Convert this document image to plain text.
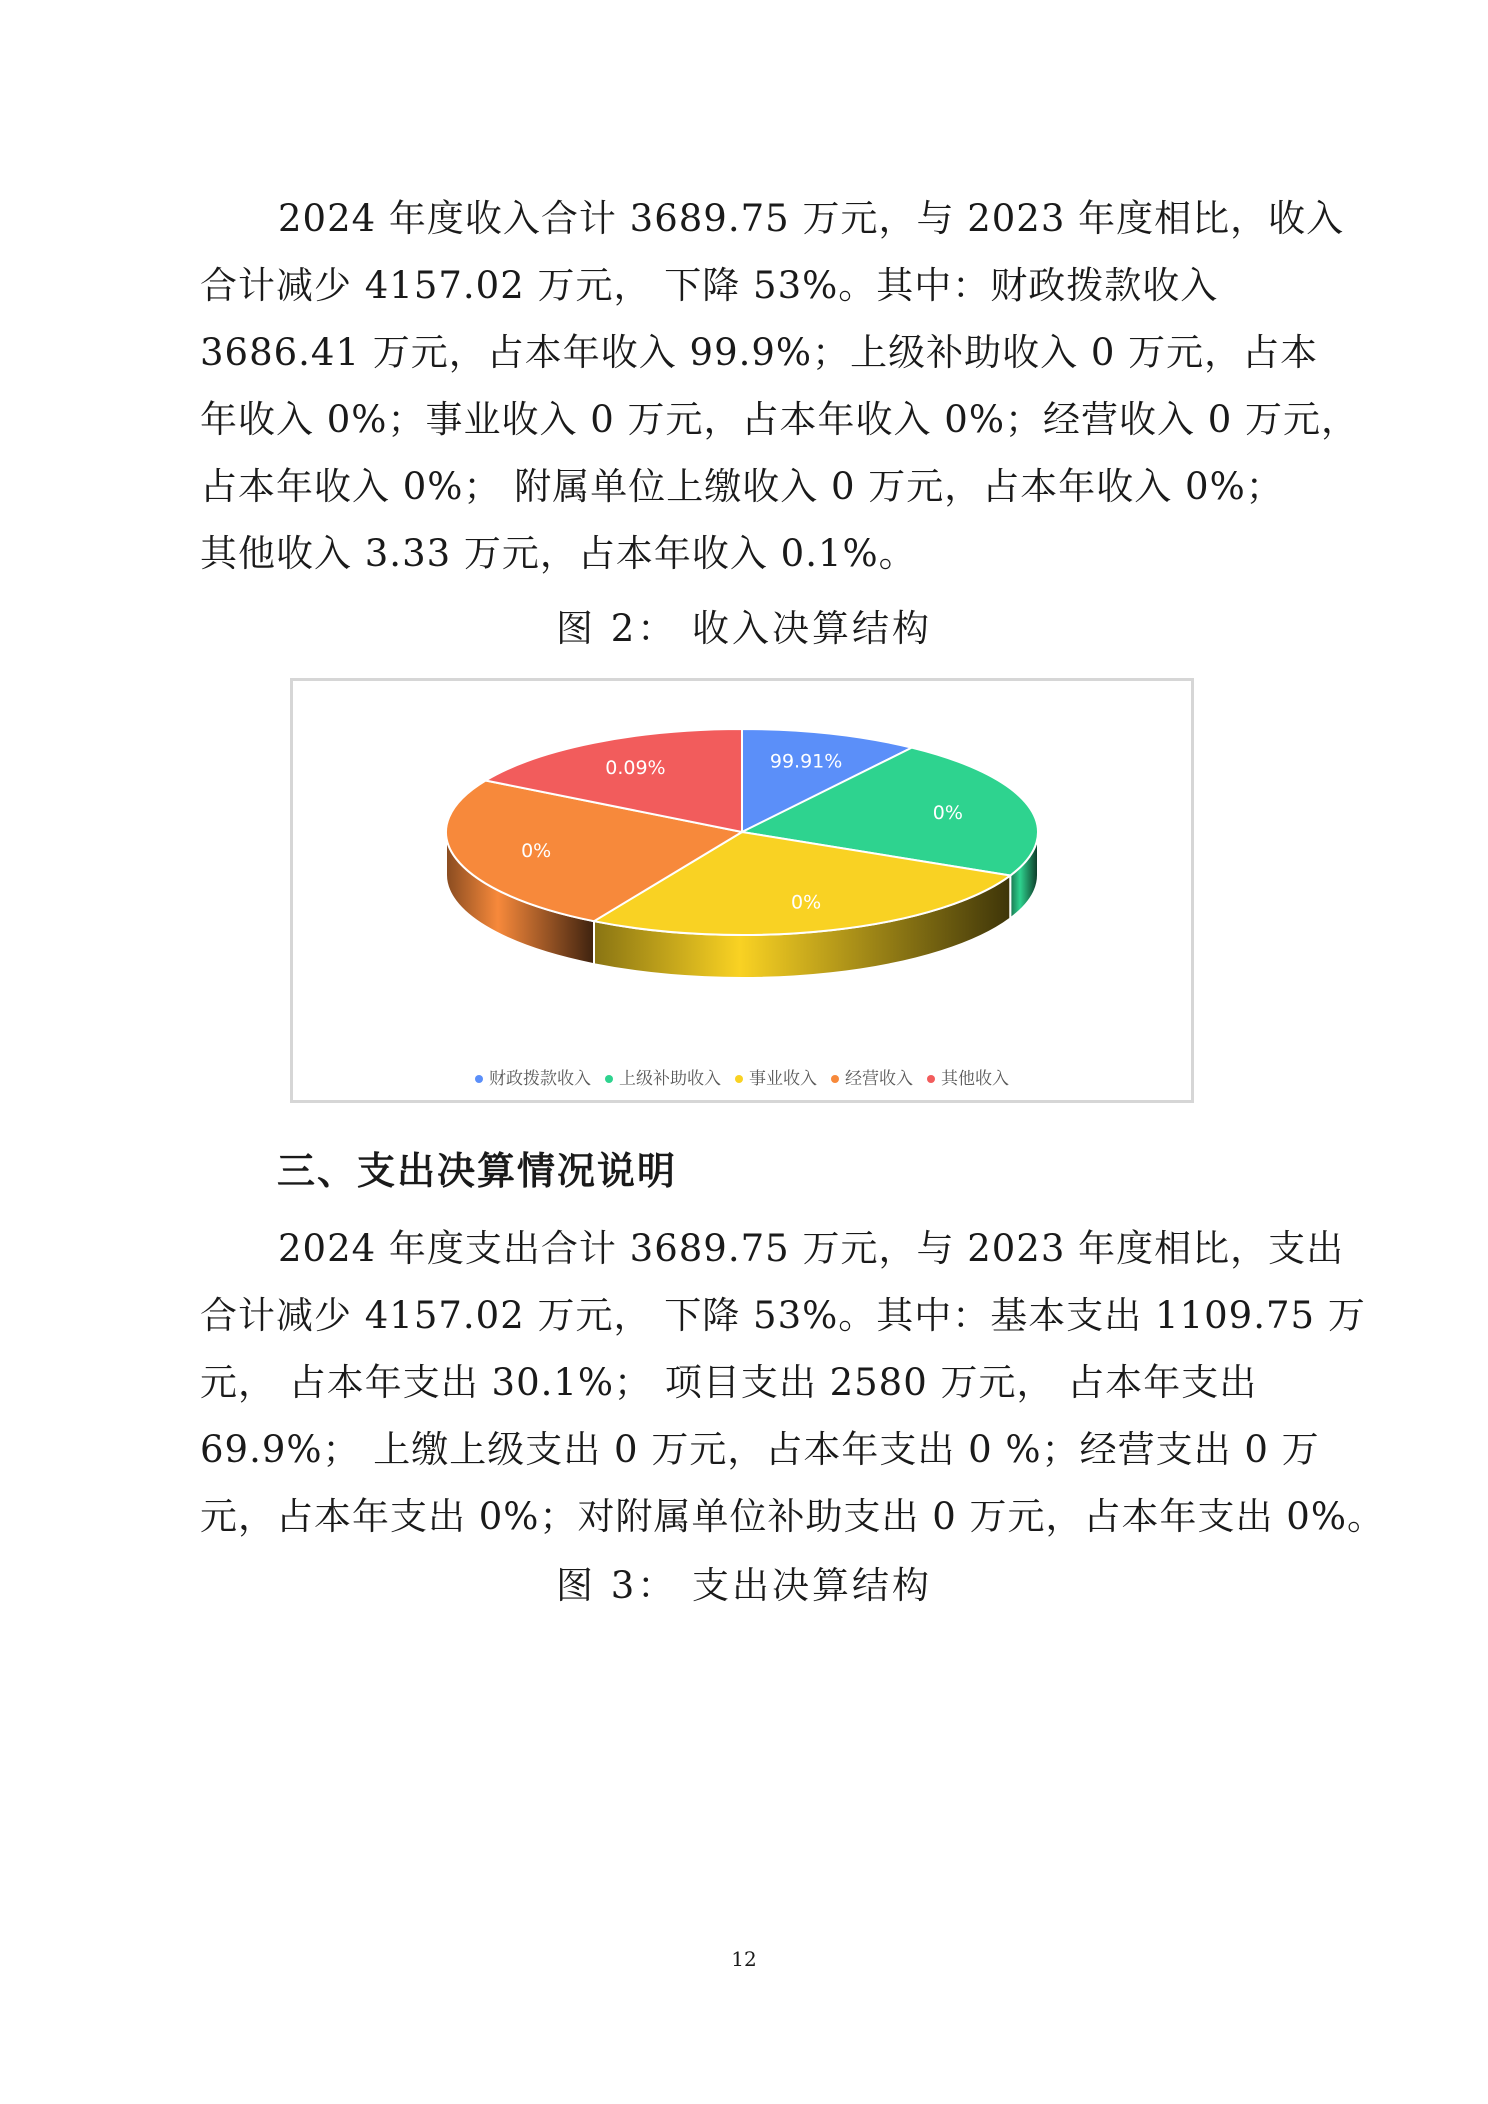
2024 年度收入合计 3689.75 万元，与 2023 年度相比，收入
合计减少 4157.02 万元， 下降 53%。其中：财政拨款收入
3686.41 万元，占本年收入 99.9%；上级补助收入 0 万元，占本
年收入 0%；事业收入 0 万元，占本年收入 0%；经营收入 0 万元，
占本年收入 0%； 附属单位上缴收入 0 万元，占本年收入 0%；
其他收入 3.33 万元，占本年收入 0.1%。

图 2： 收入决算结构

99.91%
0%
0%
0%
0.09%
财政拨款收入 上级补助收入 事业收入 经营收入 其他收入

三、支出决算情况说明

2024 年度支出合计 3689.75 万元，与 2023 年度相比，支出
合计减少 4157.02 万元， 下降 53%。其中：基本支出 1109.75 万
元， 占本年支出 30.1%； 项目支出 2580 万元， 占本年支出
69.9%； 上缴上级支出 0 万元，占本年支出 0 %；经营支出 0 万
元，占本年支出 0%；对附属单位补助支出 0 万元，占本年支出 0%。

图 3： 支出决算结构

12
